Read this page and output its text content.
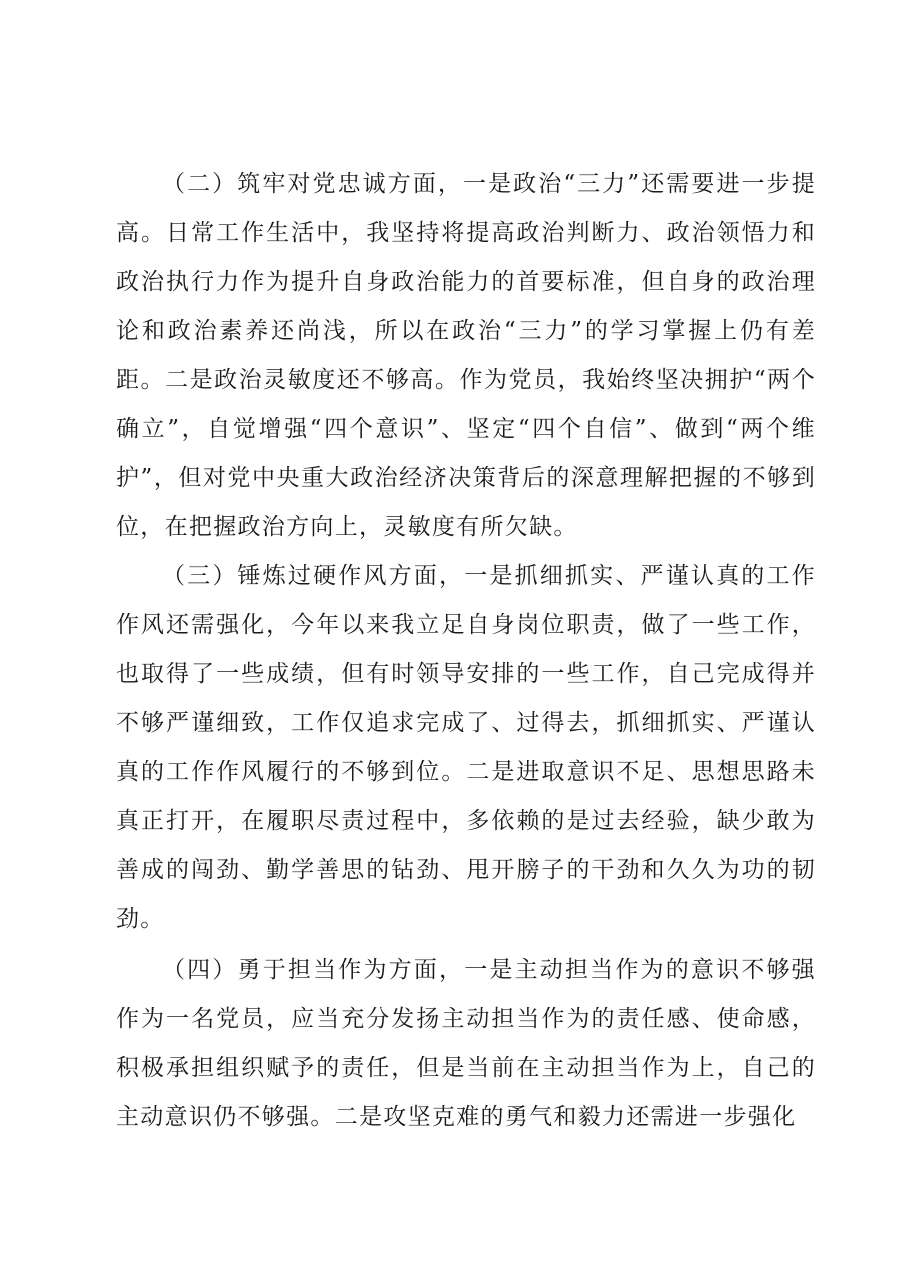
（二）筑牢对党忠诚方面，一是政治“三力”还需要进一步提高。日常工作生活中，我坚持将提高政治判断力、政治领悟力和政治执行力作为提升自身政治能力的首要标准，但自身的政治理论和政治素养还尚浅，所以在政治“三力”的学习掌握上仍有差距。二是政治灵敏度还不够高。作为党员，我始终坚决拥护“两个确立”，自觉增强“四个意识”、坚定“四个自信”、做到“两个维护”，但对党中央重大政治经济决策背后的深意理解把握的不够到位，在把握政治方向上，灵敏度有所欠缺。

（三）锤炼过硬作风方面，一是抓细抓实、严谨认真的工作作风还需强化，今年以来我立足自身岗位职责，做了一些工作，也取得了一些成绩，但有时领导安排的一些工作，自己完成得并不够严谨细致，工作仅追求完成了、过得去，抓细抓实、严谨认真的工作作风履行的不够到位。二是进取意识不足、思想思路未真正打开，在履职尽责过程中，多依赖的是过去经验，缺少敢为善成的闯劲、勤学善思的钻劲、甩开膀子的干劲和久久为功的韧劲。

（四）勇于担当作为方面，一是主动担当作为的意识不够强作为一名党员，应当充分发扬主动担当作为的责任感、使命感，积极承担组织赋予的责任，但是当前在主动担当作为上，自己的主动意识仍不够强。二是攻坚克难的勇气和毅力还需进一步强化
